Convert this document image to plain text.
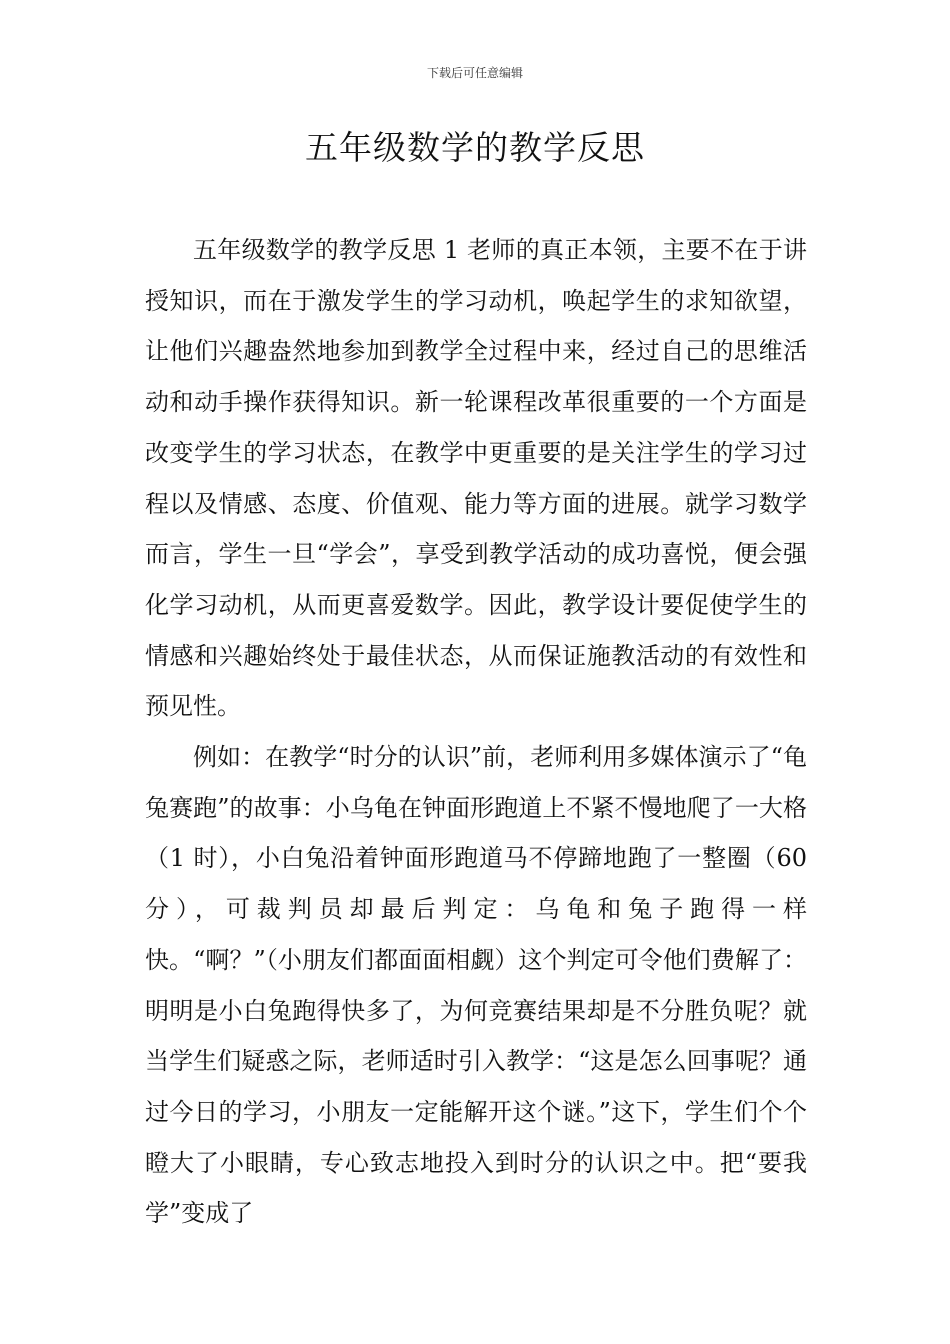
下载后可任意编辑
五年级数学的教学反思

五年级数学的教学反思 1 老师的真正本领，主要不在于讲授知识，而在于激发学生的学习动机，唤起学生的求知欲望，让他们兴趣盎然地参加到教学全过程中来，经过自己的思维活动和动手操作获得知识。新一轮课程改革很重要的一个方面是改变学生的学习状态，在教学中更重要的是关注学生的学习过程以及情感、态度、价值观、能力等方面的进展。就学习数学而言，学生一旦“学会”，享受到教学活动的成功喜悦，便会强化学习动机，从而更喜爱数学。因此，教学设计要促使学生的情感和兴趣始终处于最佳状态，从而保证施教活动的有效性和预见性。

例如：在教学“时分的认识”前，老师利用多媒体演示了“龟兔赛跑”的故事：小乌龟在钟面形跑道上不紧不慢地爬了一大格（1 时），小白兔沿着钟面形跑道马不停蹄地跑了一整圈（60 分），可裁判员却最后判定：乌龟和兔子跑得一样快。“啊？”（小朋友们都面面相觑）这个判定可令他们费解了：明明是小白兔跑得快多了，为何竞赛结果却是不分胜负呢？就当学生们疑惑之际，老师适时引入教学：“这是怎么回事呢？通过今日的学习，小朋友一定能解开这个谜。”这下，学生们个个瞪大了小眼睛，专心致志地投入到时分的认识之中。把“要我学”变成了
